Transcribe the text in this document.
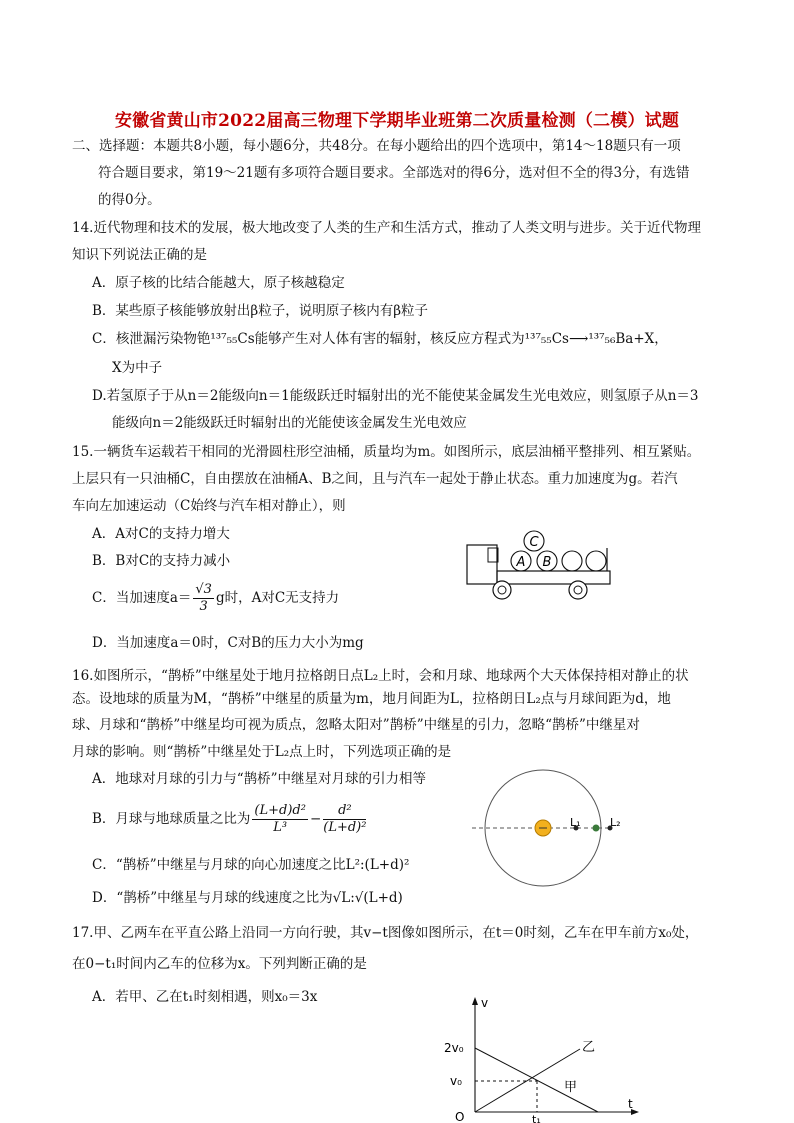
安徽省黄山市2022届高三物理下学期毕业班第二次质量检测（二模）试题
二、选择题：本题共8小题，每小题6分，共48分。在每小题给出的四个选项中，第14～18题只有一项
符合题目要求，第19～21题有多项符合题目要求。全部选对的得6分，选对但不全的得3分，有选错
的得0分。
14.近代物理和技术的发展，极大地改变了人类的生产和生活方式，推动了人类文明与进步。关于近代物理
知识下列说法正确的是
A．原子核的比结合能越大，原子核越稳定
B．某些原子核能够放射出β粒子，说明原子核内有β粒子
C．核泄漏污染物铯¹³⁷₅₅Cs能够产生对人体有害的辐射，核反应方程式为¹³⁷₅₅Cs⟶¹³⁷₅₆Ba+X，
X为中子
D.若氢原子于从n＝2能级向n＝1能级跃迁时辐射出的光不能使某金属发生光电效应，则氢原子从n＝3
能级向n＝2能级跃迁时辐射出的光能使该金属发生光电效应
15.一辆货车运载若干相同的光滑圆柱形空油桶，质量均为m。如图所示，底层油桶平整排列、相互紧贴。
上层只有一只油桶C，自由摆放在油桶A、B之间，且与汽车一起处于静止状态。重力加速度为g。若汽
车向左加速运动（C始终与汽车相对静止），则
A．A对C的支持力增大
B．B对C的支持力减小
C．当加速度$a= \frac{√3}{3}$ g时，A对C无支持力
D．当加速度a＝0时，C对B的压力大小为mg
A B
C
16.如图所示，“鹊桥”中继星处于地月拉格朗日点L₂上时，会和月球、地球两个大天体保持相对静止的状
态。设地球的质量为M，“鹊桥”中继星的质量为m，地月间距为L，拉格朗日L₂点与月球间距为d，地
球、月球和“鹊桥”中继星均可视为质点，忽略太阳对”鹊桥”中继星的引力，忽略“鹊桥”中继星对
月球的影响。则“鹊桥”中继星处于L₂点上时，下列选项正确的是
A．地球对月球的引力与“鹊桥”中继星对月球的引力相等
B．月球与地球质量之比为 $\frac{\text{(L+d)d²}}{\text{L³}} - \frac{\text{d²}}{\text{(L+d)²}}$
C．“鹊桥”中继星与月球的向心加速度之比L²:(L+d)²
D．“鹊桥”中继星与月球的线速度之比为√L:√(L+d)
L₁	L₂
17.甲、乙两车在平直公路上沿同一方向行驶，其v−t图像如图所示，在t＝0时刻，乙车在甲车前方x₀处，
在0−t₁时间内乙车的位移为x。下列判断正确的是
A．若甲、乙在t₁时刻相遇，则x₀＝3x	v
t
O
2v₀
v₀
t₁
乙
甲
